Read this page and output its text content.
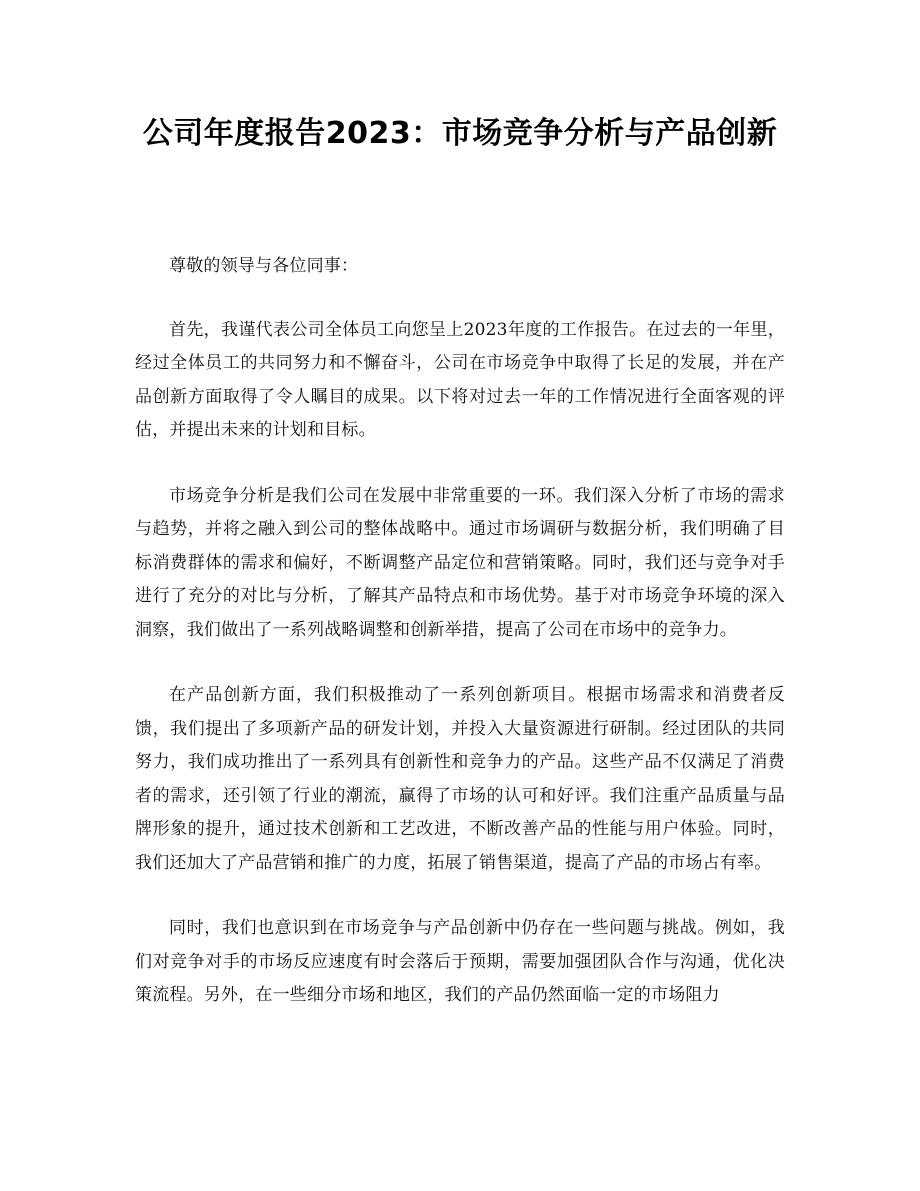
公司年度报告2023：市场竞争分析与产品创新

尊敬的领导与各位同事：

首先，我谨代表公司全体员工向您呈上2023年度的工作报告。在过去的一年里，经过全体员工的共同努力和不懈奋斗，公司在市场竞争中取得了长足的发展，并在产品创新方面取得了令人瞩目的成果。以下将对过去一年的工作情况进行全面客观的评估，并提出未来的计划和目标。

市场竞争分析是我们公司在发展中非常重要的一环。我们深入分析了市场的需求与趋势，并将之融入到公司的整体战略中。通过市场调研与数据分析，我们明确了目标消费群体的需求和偏好，不断调整产品定位和营销策略。同时，我们还与竞争对手进行了充分的对比与分析，了解其产品特点和市场优势。基于对市场竞争环境的深入洞察，我们做出了一系列战略调整和创新举措，提高了公司在市场中的竞争力。

在产品创新方面，我们积极推动了一系列创新项目。根据市场需求和消费者反馈，我们提出了多项新产品的研发计划，并投入大量资源进行研制。经过团队的共同努力，我们成功推出了一系列具有创新性和竞争力的产品。这些产品不仅满足了消费者的需求，还引领了行业的潮流，赢得了市场的认可和好评。我们注重产品质量与品牌形象的提升，通过技术创新和工艺改进，不断改善产品的性能与用户体验。同时，我们还加大了产品营销和推广的力度，拓展了销售渠道，提高了产品的市场占有率。

同时，我们也意识到在市场竞争与产品创新中仍存在一些问题与挑战。例如，我们对竞争对手的市场反应速度有时会落后于预期，需要加强团队合作与沟通，优化决策流程。另外，在一些细分市场和地区，我们的产品仍然面临一定的市场阻力
